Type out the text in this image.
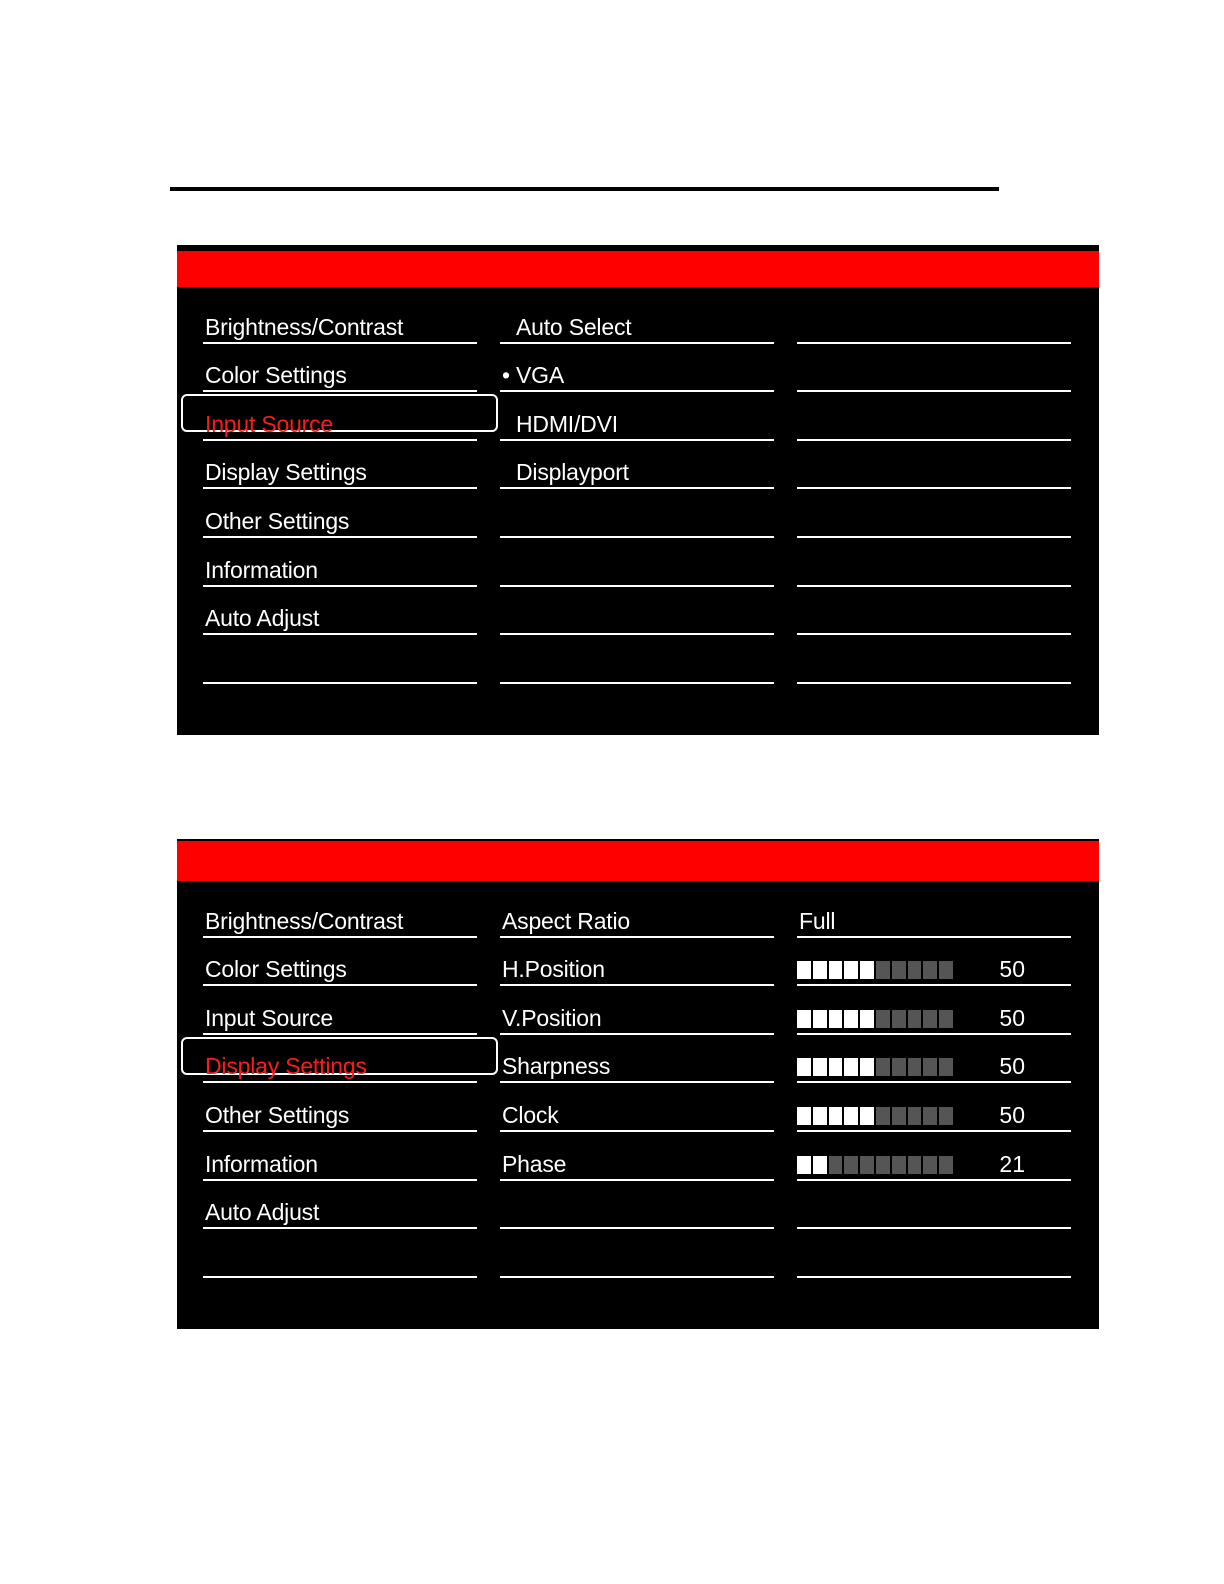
Brightness/Contrast
Color Settings
Input Source
Display Settings
Other Settings
Information
Auto Adjust
Auto Select
• VGA
HDMI/DVI
Displayport
Brightness/Contrast
Color Settings
Input Source
Display Settings
Other Settings
Information
Auto Adjust
Aspect Ratio
H.Position
V.Position
Sharpness
Clock
Phase
Full
50
50
50
50
21
